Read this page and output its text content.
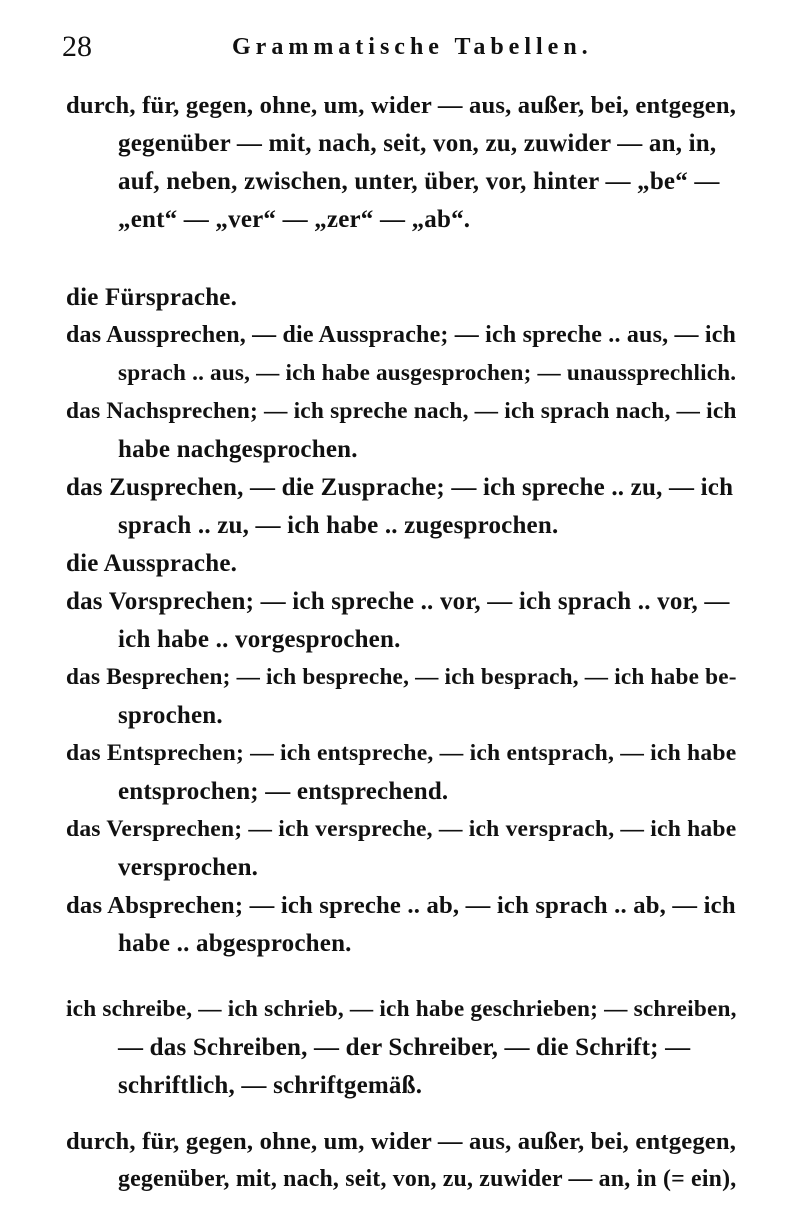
28	Grammatische Tabellen.
durch, für, gegen, ohne, um, wider — aus, außer, bei, entgegen,
gegenüber — mit, nach, seit, von, zu, zuwider — an, in,
auf, neben, zwischen, unter, über, vor, hinter — „be“ —
„ent“ — „ver“ — „zer“ — „ab“.
die Fürsprache.
das Aussprechen, — die Aussprache; — ich spreche .. aus, — ich
sprach .. aus, — ich habe ausgesprochen; — unaussprechlich.
das Nachsprechen; — ich spreche nach, — ich sprach nach, — ich
habe nachgesprochen.
das Zusprechen, — die Zusprache; — ich spreche .. zu, — ich
sprach .. zu, — ich habe .. zugesprochen.
die Aussprache.
das Vorsprechen; — ich spreche .. vor, — ich sprach .. vor, —
ich habe .. vorgesprochen.
das Besprechen; — ich bespreche, — ich besprach, — ich habe be-
sprochen.
das Entsprechen; — ich entspreche, — ich entsprach, — ich habe
entsprochen; — entsprechend.
das Versprechen; — ich verspreche, — ich versprach, — ich habe
versprochen.
das Absprechen; — ich spreche .. ab, — ich sprach .. ab, — ich
habe .. abgesprochen.
ich schreibe, — ich schrieb, — ich habe geschrieben; — schreiben,
— das Schreiben, — der Schreiber, — die Schrift; —
schriftlich, — schriftgemäß.
durch, für, gegen, ohne, um, wider — aus, außer, bei, entgegen,
gegenüber, mit, nach, seit, von, zu, zuwider — an, in (= ein),
